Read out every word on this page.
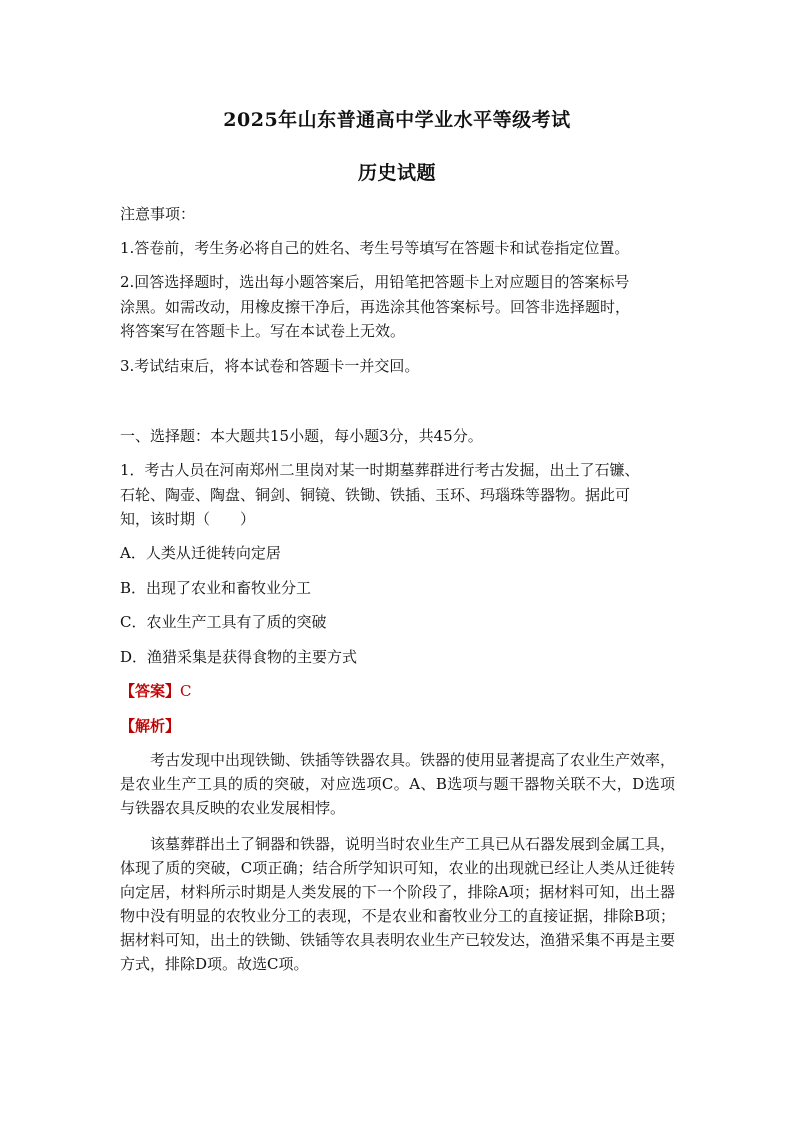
2025年山东普通高中学业水平等级考试
历史试题
注意事项：
1.答卷前，考生务必将自己的姓名、考生号等填写在答题卡和试卷指定位置。
2.回答选择题时，选出每小题答案后，用铅笔把答题卡上对应题目的答案标号
涂黑。如需改动，用橡皮擦干净后，再选涂其他答案标号。回答非选择题时，
将答案写在答题卡上。写在本试卷上无效。
3.考试结束后，将本试卷和答题卡一并交回。
一、选择题：本大题共15小题，每小题3分，共45分。
1．考古人员在河南郑州二里岗对某一时期墓葬群进行考古发掘，出土了石镰、
石轮、陶壶、陶盘、铜剑、铜镜、铁锄、铁插、玉环、玛瑙珠等器物。据此可
知，该时期（　　）
A．人类从迁徙转向定居
B．出现了农业和畜牧业分工
C．农业生产工具有了质的突破
D．渔猎采集是获得食物的主要方式
【答案】C
【解析】
考古发现中出现铁锄、铁插等铁器农具。铁器的使用显著提高了农业生产效率，是农业生产工具的质的突破，对应选项C。A、B选项与题干器物关联不大，D选项与铁器农具反映的农业发展相悖。
该墓葬群出土了铜器和铁器，说明当时农业生产工具已从石器发展到金属工具，体现了质的突破，C项正确；结合所学知识可知，农业的出现就已经让人类从迁徙转向定居，材料所示时期是人类发展的下一个阶段了，排除A项；据材料可知，出土器物中没有明显的农牧业分工的表现，不是农业和畜牧业分工的直接证据，排除B项；据材料可知，出土的铁锄、铁锸等农具表明农业生产已较发达，渔猎采集不再是主要方式，排除D项。故选C项。
